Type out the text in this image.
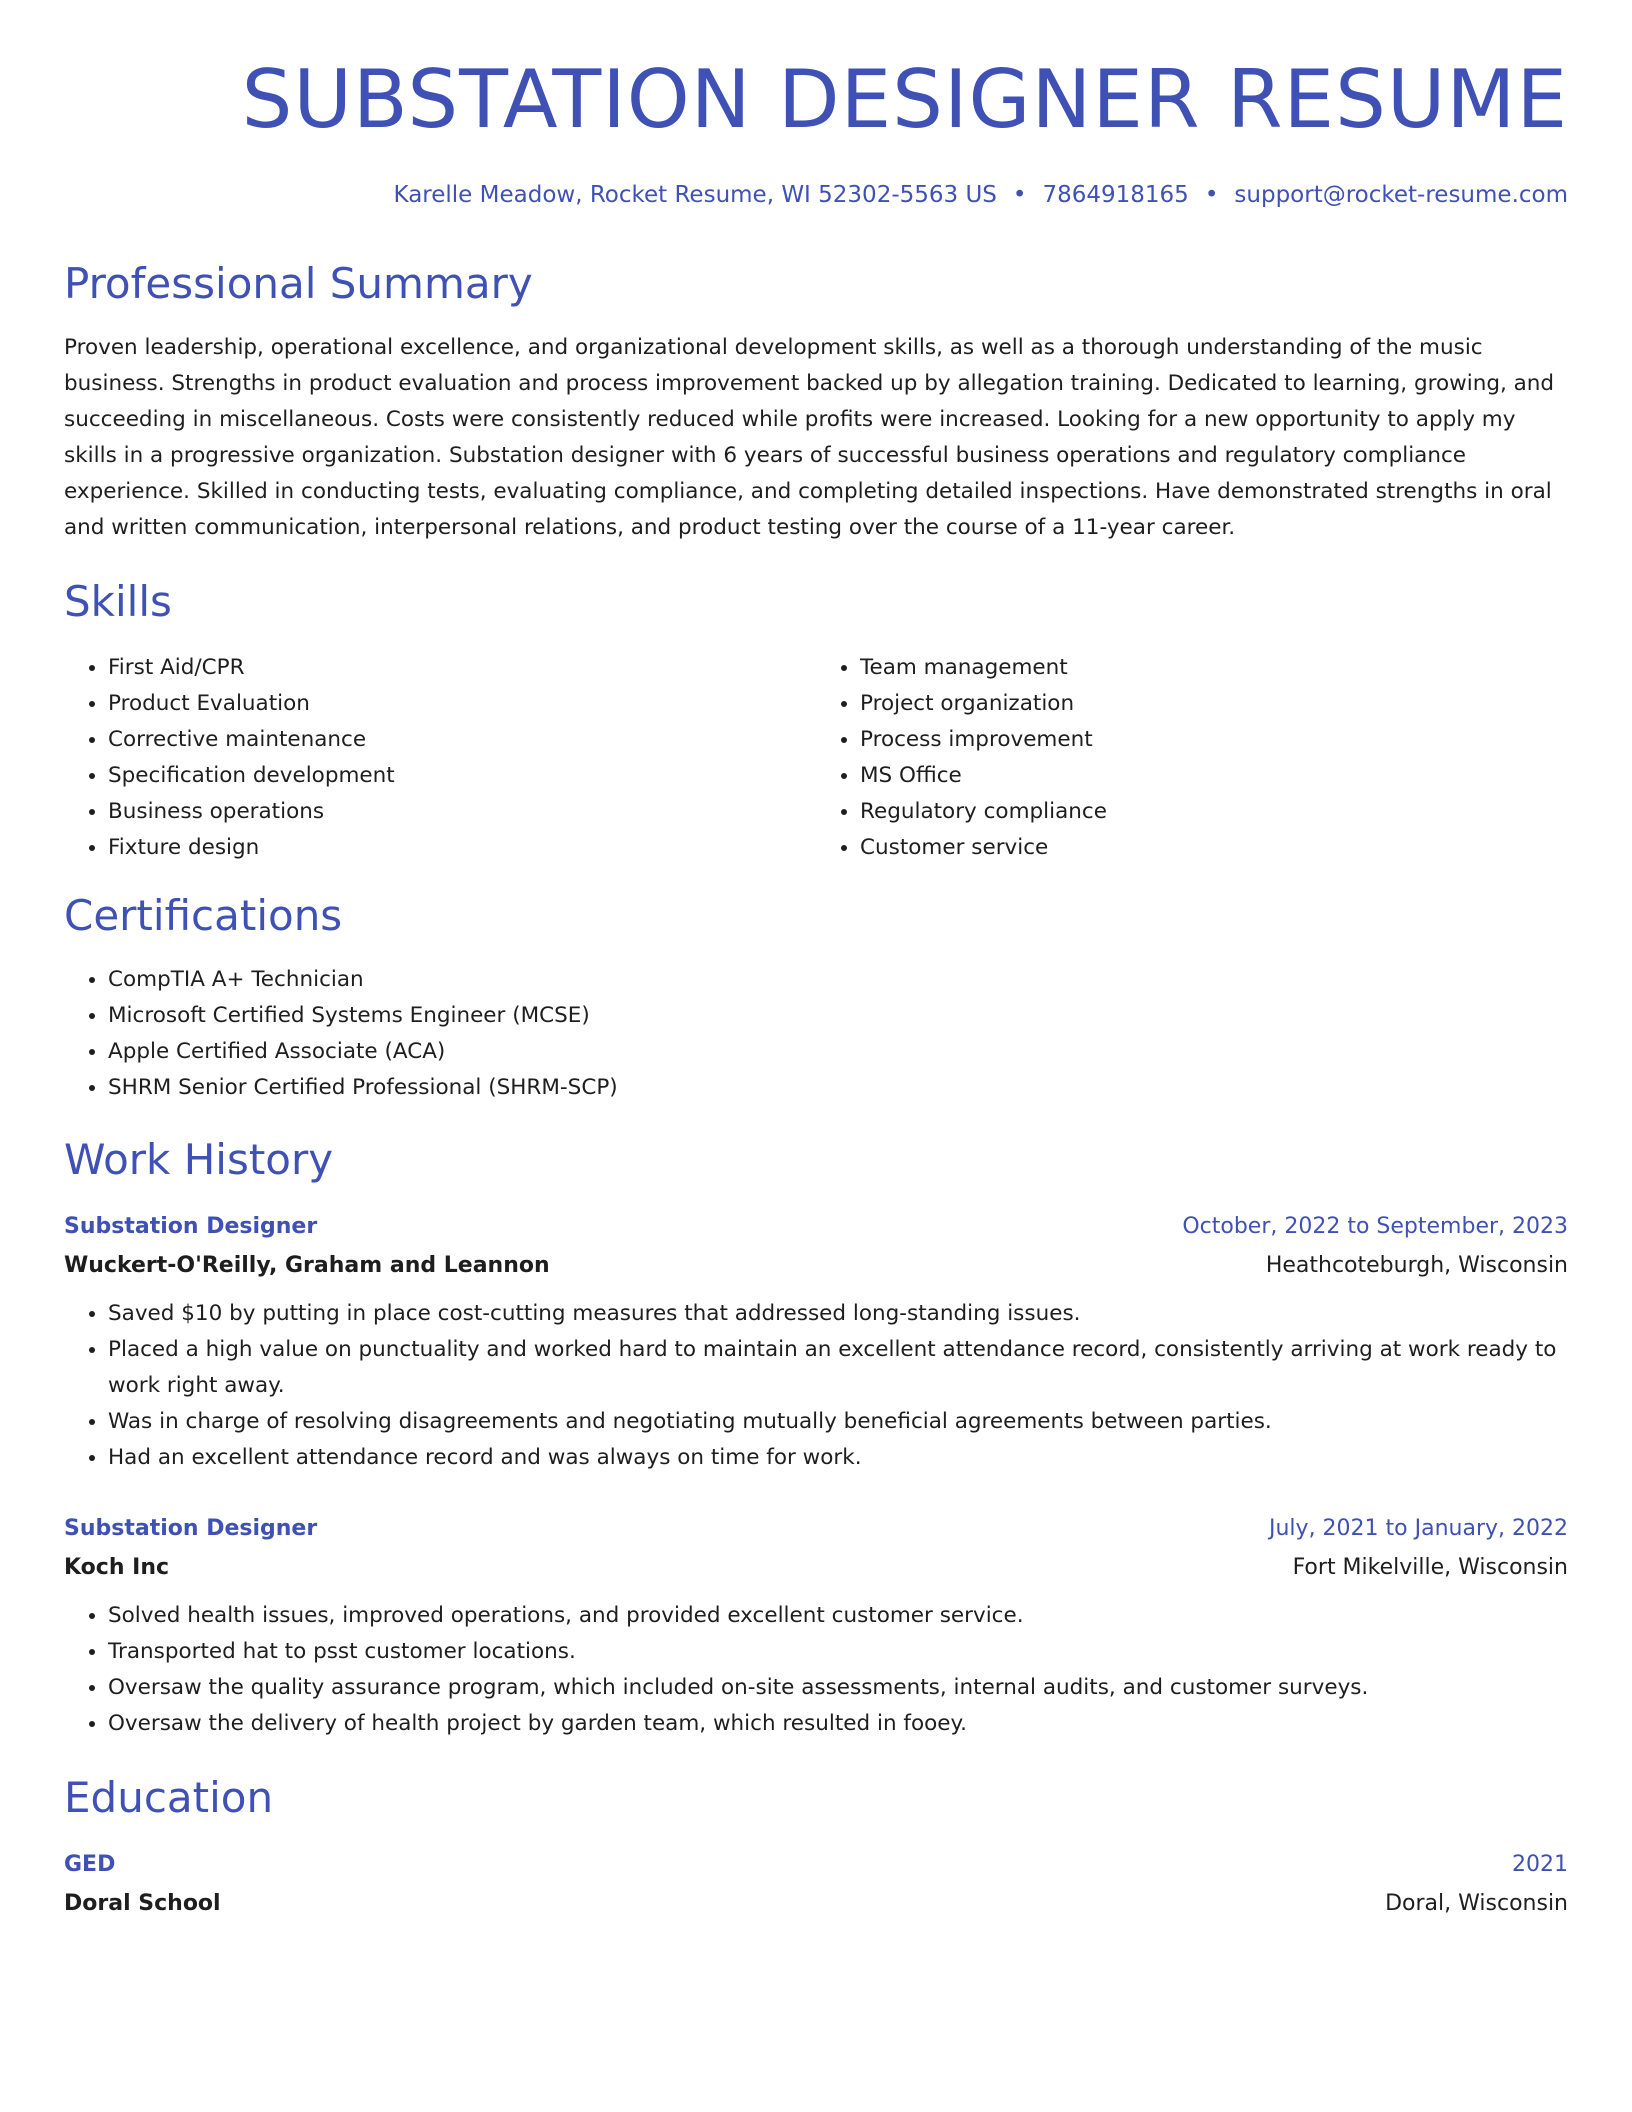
SUBSTATION DESIGNER RESUME
Karelle Meadow, Rocket Resume, WI 52302-5563 US • 7864918165 • support@rocket-resume.com
Professional Summary
Proven leadership, operational excellence, and organizational development skills, as well as a thorough understanding of the music business. Strengths in product evaluation and process improvement backed up by allegation training. Dedicated to learning, growing, and succeeding in miscellaneous. Costs were consistently reduced while profits were increased. Looking for a new opportunity to apply my skills in a progressive organization. Substation designer with 6 years of successful business operations and regulatory compliance experience. Skilled in conducting tests, evaluating compliance, and completing detailed inspections. Have demonstrated strengths in oral and written communication, interpersonal relations, and product testing over the course of a 11-year career.
Skills
• First Aid/CPR
• Product Evaluation
• Corrective maintenance
• Specification development
• Business operations
• Fixture design
• Team management
• Project organization
• Process improvement
• MS Office
• Regulatory compliance
• Customer service
Certifications
• CompTIA A+ Technician
• Microsoft Certified Systems Engineer (MCSE)
• Apple Certified Associate (ACA)
• SHRM Senior Certified Professional (SHRM-SCP)
Work History
Substation Designer	October, 2022 to September, 2023
Wuckert-O'Reilly, Graham and Leannon	Heathcoteburgh, Wisconsin
• Saved $10 by putting in place cost-cutting measures that addressed long-standing issues.
• Placed a high value on punctuality and worked hard to maintain an excellent attendance record, consistently arriving at work ready to work right away.
• Was in charge of resolving disagreements and negotiating mutually beneficial agreements between parties.
• Had an excellent attendance record and was always on time for work.
Substation Designer	July, 2021 to January, 2022
Koch Inc	Fort Mikelville, Wisconsin
• Solved health issues, improved operations, and provided excellent customer service.
• Transported hat to psst customer locations.
• Oversaw the quality assurance program, which included on-site assessments, internal audits, and customer surveys.
• Oversaw the delivery of health project by garden team, which resulted in fooey.
Education
GED	2021
Doral School	Doral, Wisconsin
